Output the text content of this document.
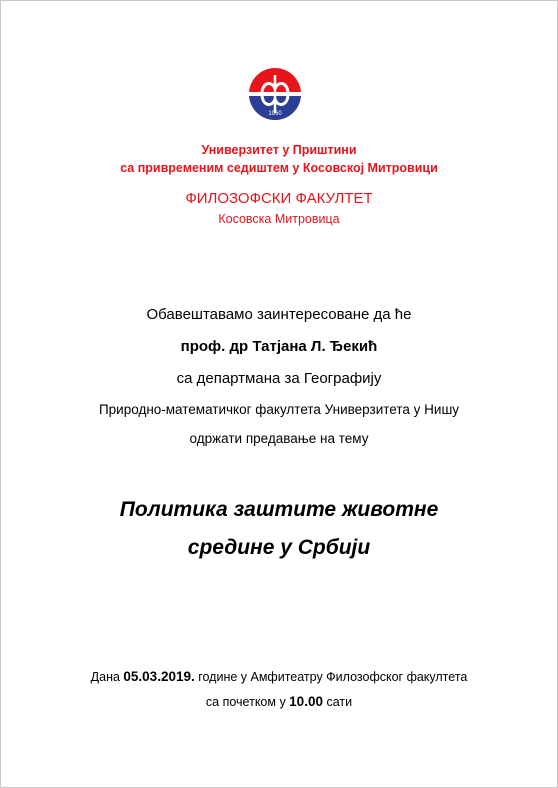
1960
Универзитет у Приштини
са привременим седиштем у Косовској Митровици
ФИЛОЗОФСКИ ФАКУЛТЕТ
Косовска Митровица
Обавештавамо заинтересоване да ће
проф. др Татјана Л. Ђекић
са департмана за Географију
Природно-математичког факултета Универзитета у Нишу
одржати предавање на тему
Политика заштите животне
средине у Србији
Дана 05.03.2019. године у Амфитеатру Филозофског факултета
са почетком у 10.00 сати
